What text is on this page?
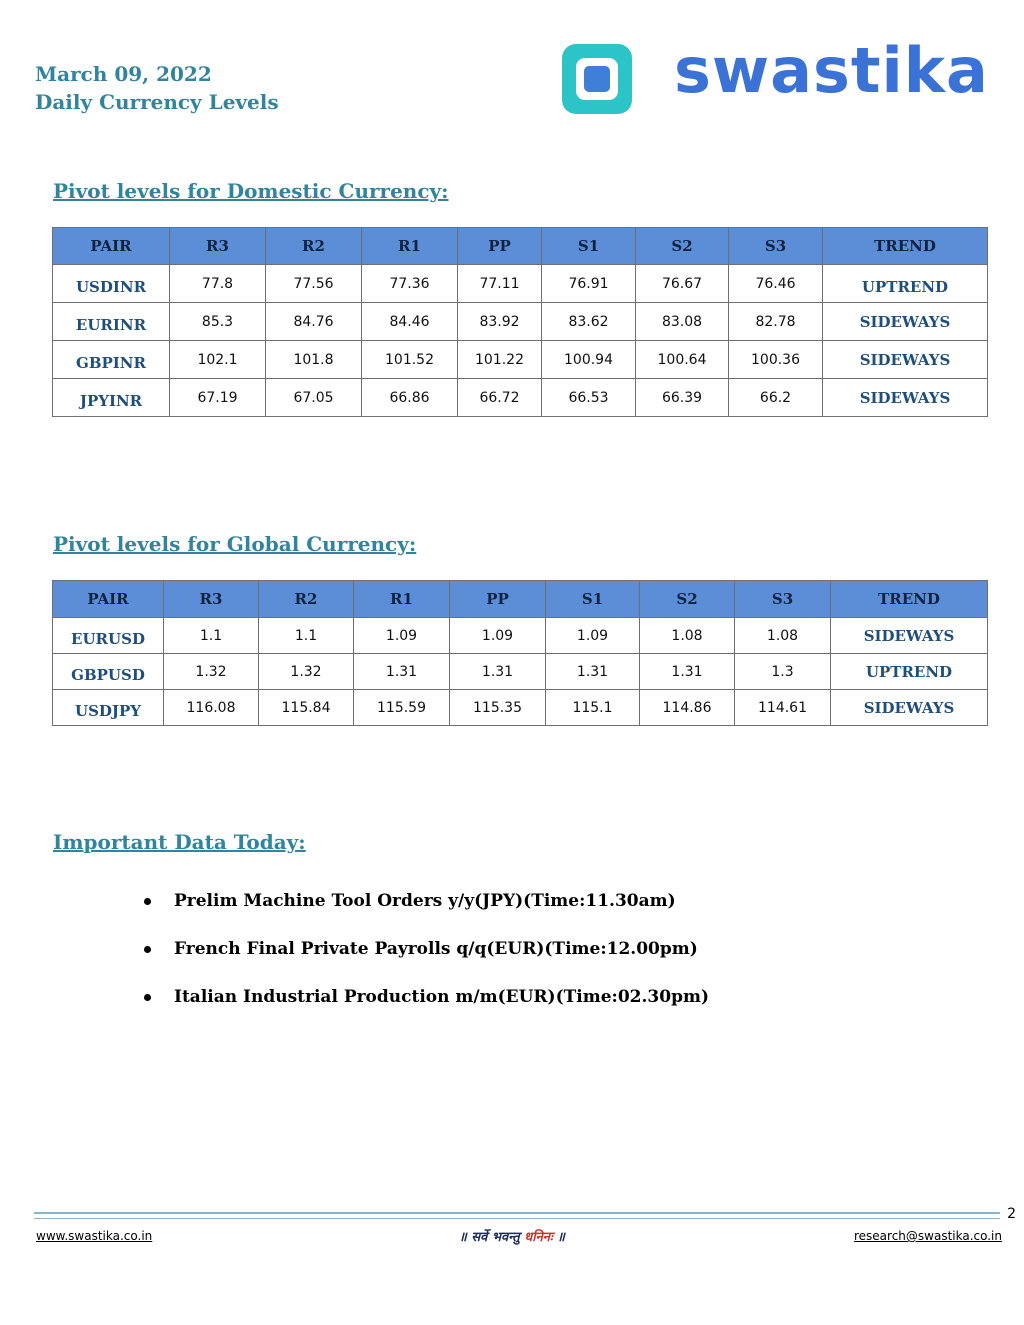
March 09, 2022
Daily Currency Levels	swastika
Pivot levels for Domestic Currency:
PAIR	R3	R2	R1	PP	S1	S2	S3	TREND
USDINR	77.8	77.56	77.36	77.11	76.91	76.67	76.46	UPTREND
EURINR	85.3	84.76	84.46	83.92	83.62	83.08	82.78	SIDEWAYS
GBPINR	102.1	101.8	101.52	101.22	100.94	100.64	100.36	SIDEWAYS
JPYINR	67.19	67.05	66.86	66.72	66.53	66.39	66.2	SIDEWAYS
Pivot levels for Global Currency:
PAIR	R3	R2	R1	PP	S1	S2	S3	TREND
EURUSD	1.1	1.1	1.09	1.09	1.09	1.08	1.08	SIDEWAYS
GBPUSD	1.32	1.32	1.31	1.31	1.31	1.31	1.3	UPTREND
USDJPY	116.08	115.84	115.59	115.35	115.1	114.86	114.61	SIDEWAYS
Important Data Today:
Prelim Machine Tool Orders y/y(JPY)(Time:11.30am)
French Final Private Payrolls q/q(EUR)(Time:12.00pm)
Italian Industrial Production m/m(EUR)(Time:02.30pm)
2
www.swastika.co.in	॥ सर्वे भवन्तु धनिनः ॥	research@swastika.co.in
